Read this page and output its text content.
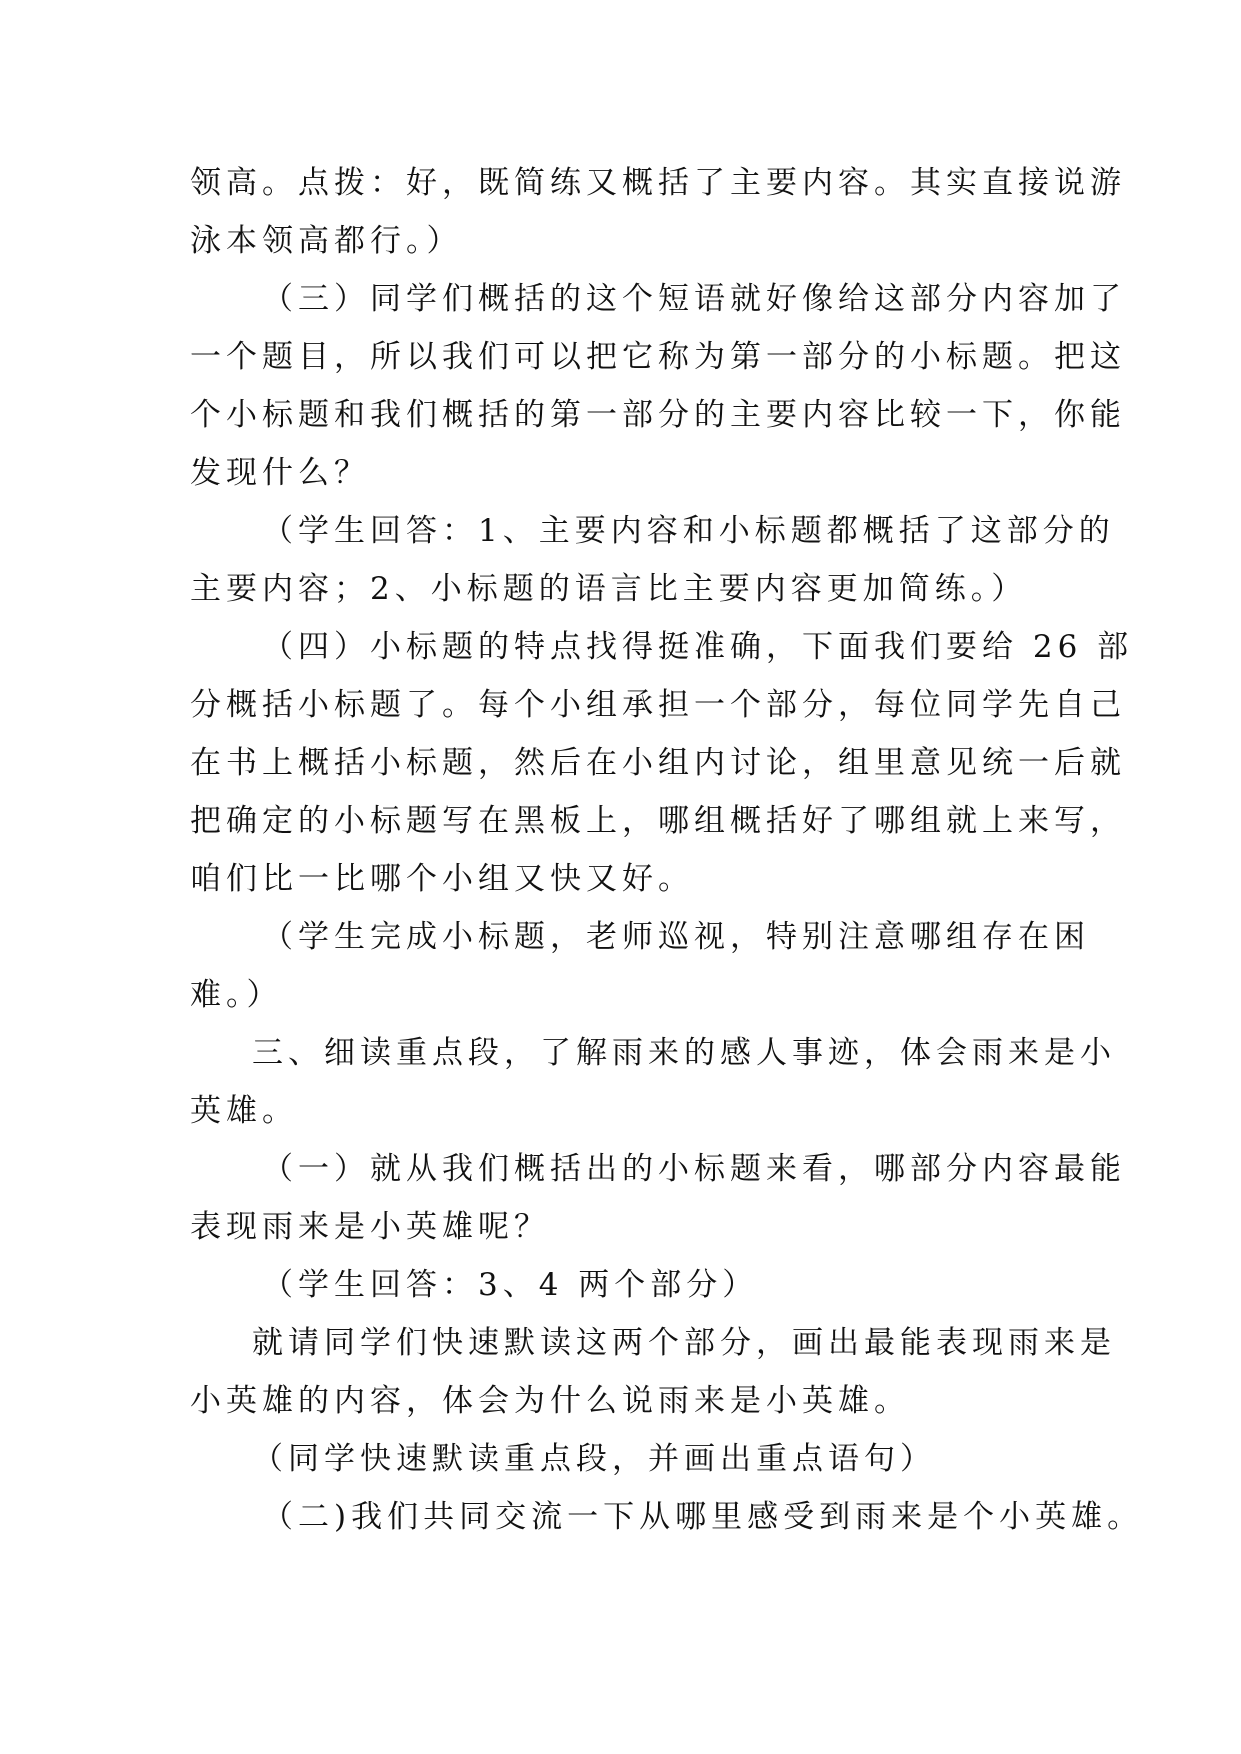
领高。点拨：好，既简练又概括了主要内容。其实直接说游
泳本领高都行。）
（三）同学们概括的这个短语就好像给这部分内容加了
一个题目，所以我们可以把它称为第一部分的小标题。把这
个小标题和我们概括的第一部分的主要内容比较一下，你能
发现什么？
（学生回答：1、主要内容和小标题都概括了这部分的
主要内容；2、小标题的语言比主要内容更加简练。）
（四）小标题的特点找得挺准确，下面我们要给 26 部
分概括小标题了。每个小组承担一个部分，每位同学先自己
在书上概括小标题，然后在小组内讨论，组里意见统一后就
把确定的小标题写在黑板上，哪组概括好了哪组就上来写，
咱们比一比哪个小组又快又好。
（学生完成小标题，老师巡视，特别注意哪组存在困
难。）
三、细读重点段，了解雨来的感人事迹，体会雨来是小
英雄。
（一）就从我们概括出的小标题来看，哪部分内容最能
表现雨来是小英雄呢？
（学生回答：3、4 两个部分）
就请同学们快速默读这两个部分，画出最能表现雨来是
小英雄的内容，体会为什么说雨来是小英雄。
（同学快速默读重点段，并画出重点语句）
（二)我们共同交流一下从哪里感受到雨来是个小英雄。
